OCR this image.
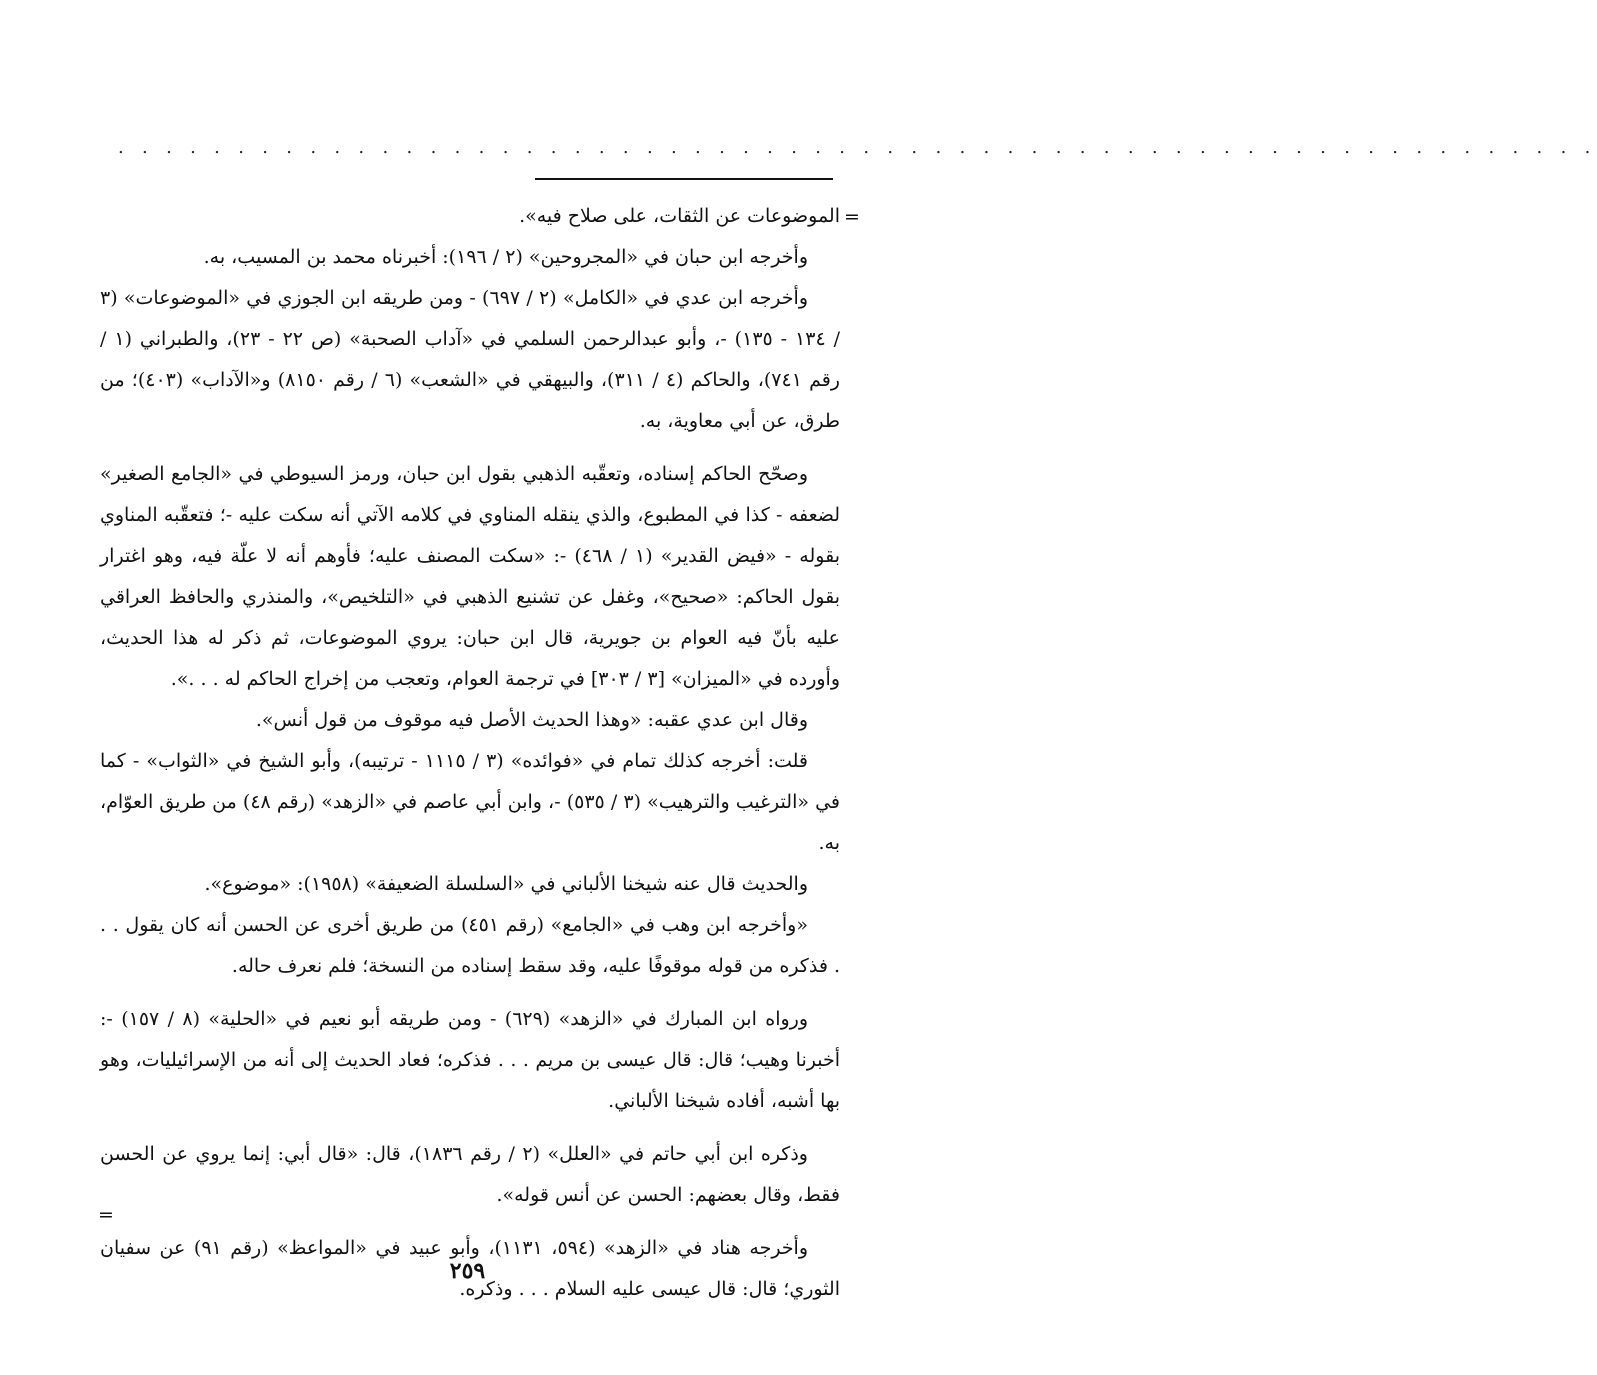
. . . . . . . . . . . . . . . . . . . . . . . . . . . . . . . . . . . . . . . . . . . . . . . . . . . . . . . . . . . . . .
=

الموضوعات عن الثقات، على صلاح فيه».

وأخرجه ابن حبان في «المجروحين» (٢ / ١٩٦): أخبرناه محمد بن المسيب، به.

وأخرجه ابن عدي في «الكامل» (٢ / ٦٩٧) - ومن طريقه ابن الجوزي في «الموضوعات» (٣ / ١٣٤ - ١٣٥) -، وأبو عبدالرحمن السلمي في «آداب الصحبة» (ص ٢٢ - ٢٣)، والطبراني (١ / رقم ٧٤١)، والحاكم (٤ / ٣١١)، والبيهقي في «الشعب» (٦ / رقم ٨١٥٠) و«الآداب» (٤٠٣)؛ من طرق، عن أبي معاوية، به.

وصحّح الحاكم إسناده، وتعقّبه الذهبي بقول ابن حبان، ورمز السيوطي في «الجامع الصغير» لضعفه - كذا في المطبوع، والذي ينقله المناوي في كلامه الآتي أنه سكت عليه -؛ فتعقّبه المناوي بقوله - «فيض القدير» (١ / ٤٦٨) -: «سكت المصنف عليه؛ فأوهم أنه لا علّة فيه، وهو اغترار بقول الحاكم: «صحيح»، وغفل عن تشنيع الذهبي في «التلخيص»، والمنذري والحافظ العراقي عليه بأنّ فيه العوام بن جويرية، قال ابن حبان: يروي الموضوعات، ثم ذكر له هذا الحديث، وأورده في «الميزان» [٣ / ٣٠٣] في ترجمة العوام، وتعجب من إخراج الحاكم له . . .».

وقال ابن عدي عقبه: «وهذا الحديث الأصل فيه موقوف من قول أنس».

قلت: أخرجه كذلك تمام في «فوائده» (٣ / ١١١٥ - ترتيبه)، وأبو الشيخ في «الثواب» - كما في «الترغيب والترهيب» (٣ / ٥٣٥) -، وابن أبي عاصم في «الزهد» (رقم ٤٨) من طريق العوّام، به.

والحديث قال عنه شيخنا الألباني في «السلسلة الضعيفة» (١٩٥٨): «موضوع».

«وأخرجه ابن وهب في «الجامع» (رقم ٤٥١) من طريق أخرى عن الحسن أنه كان يقول . . . فذكره من قوله موقوفًا عليه، وقد سقط إسناده من النسخة؛ فلم نعرف حاله.

ورواه ابن المبارك في «الزهد» (٦٢٩) - ومن طريقه أبو نعيم في «الحلية» (٨ / ١٥٧) -: أخبرنا وهيب؛ قال: قال عيسى بن مريم . . . فذكره؛ فعاد الحديث إلى أنه من الإسرائيليات، وهو بها أشبه، أفاده شيخنا الألباني.

وذكره ابن أبي حاتم في «العلل» (٢ / رقم ١٨٣٦)، قال: «قال أبي: إنما يروي عن الحسن فقط، وقال بعضهم: الحسن عن أنس قوله».

وأخرجه هناد في «الزهد» (٥٩٤، ١١٣١)، وأبو عبيد في «المواعظ» (رقم ٩١) عن سفيان الثوري؛ قال: قال عيسى عليه السلام . . . وذكره.

=
٢٥٩
